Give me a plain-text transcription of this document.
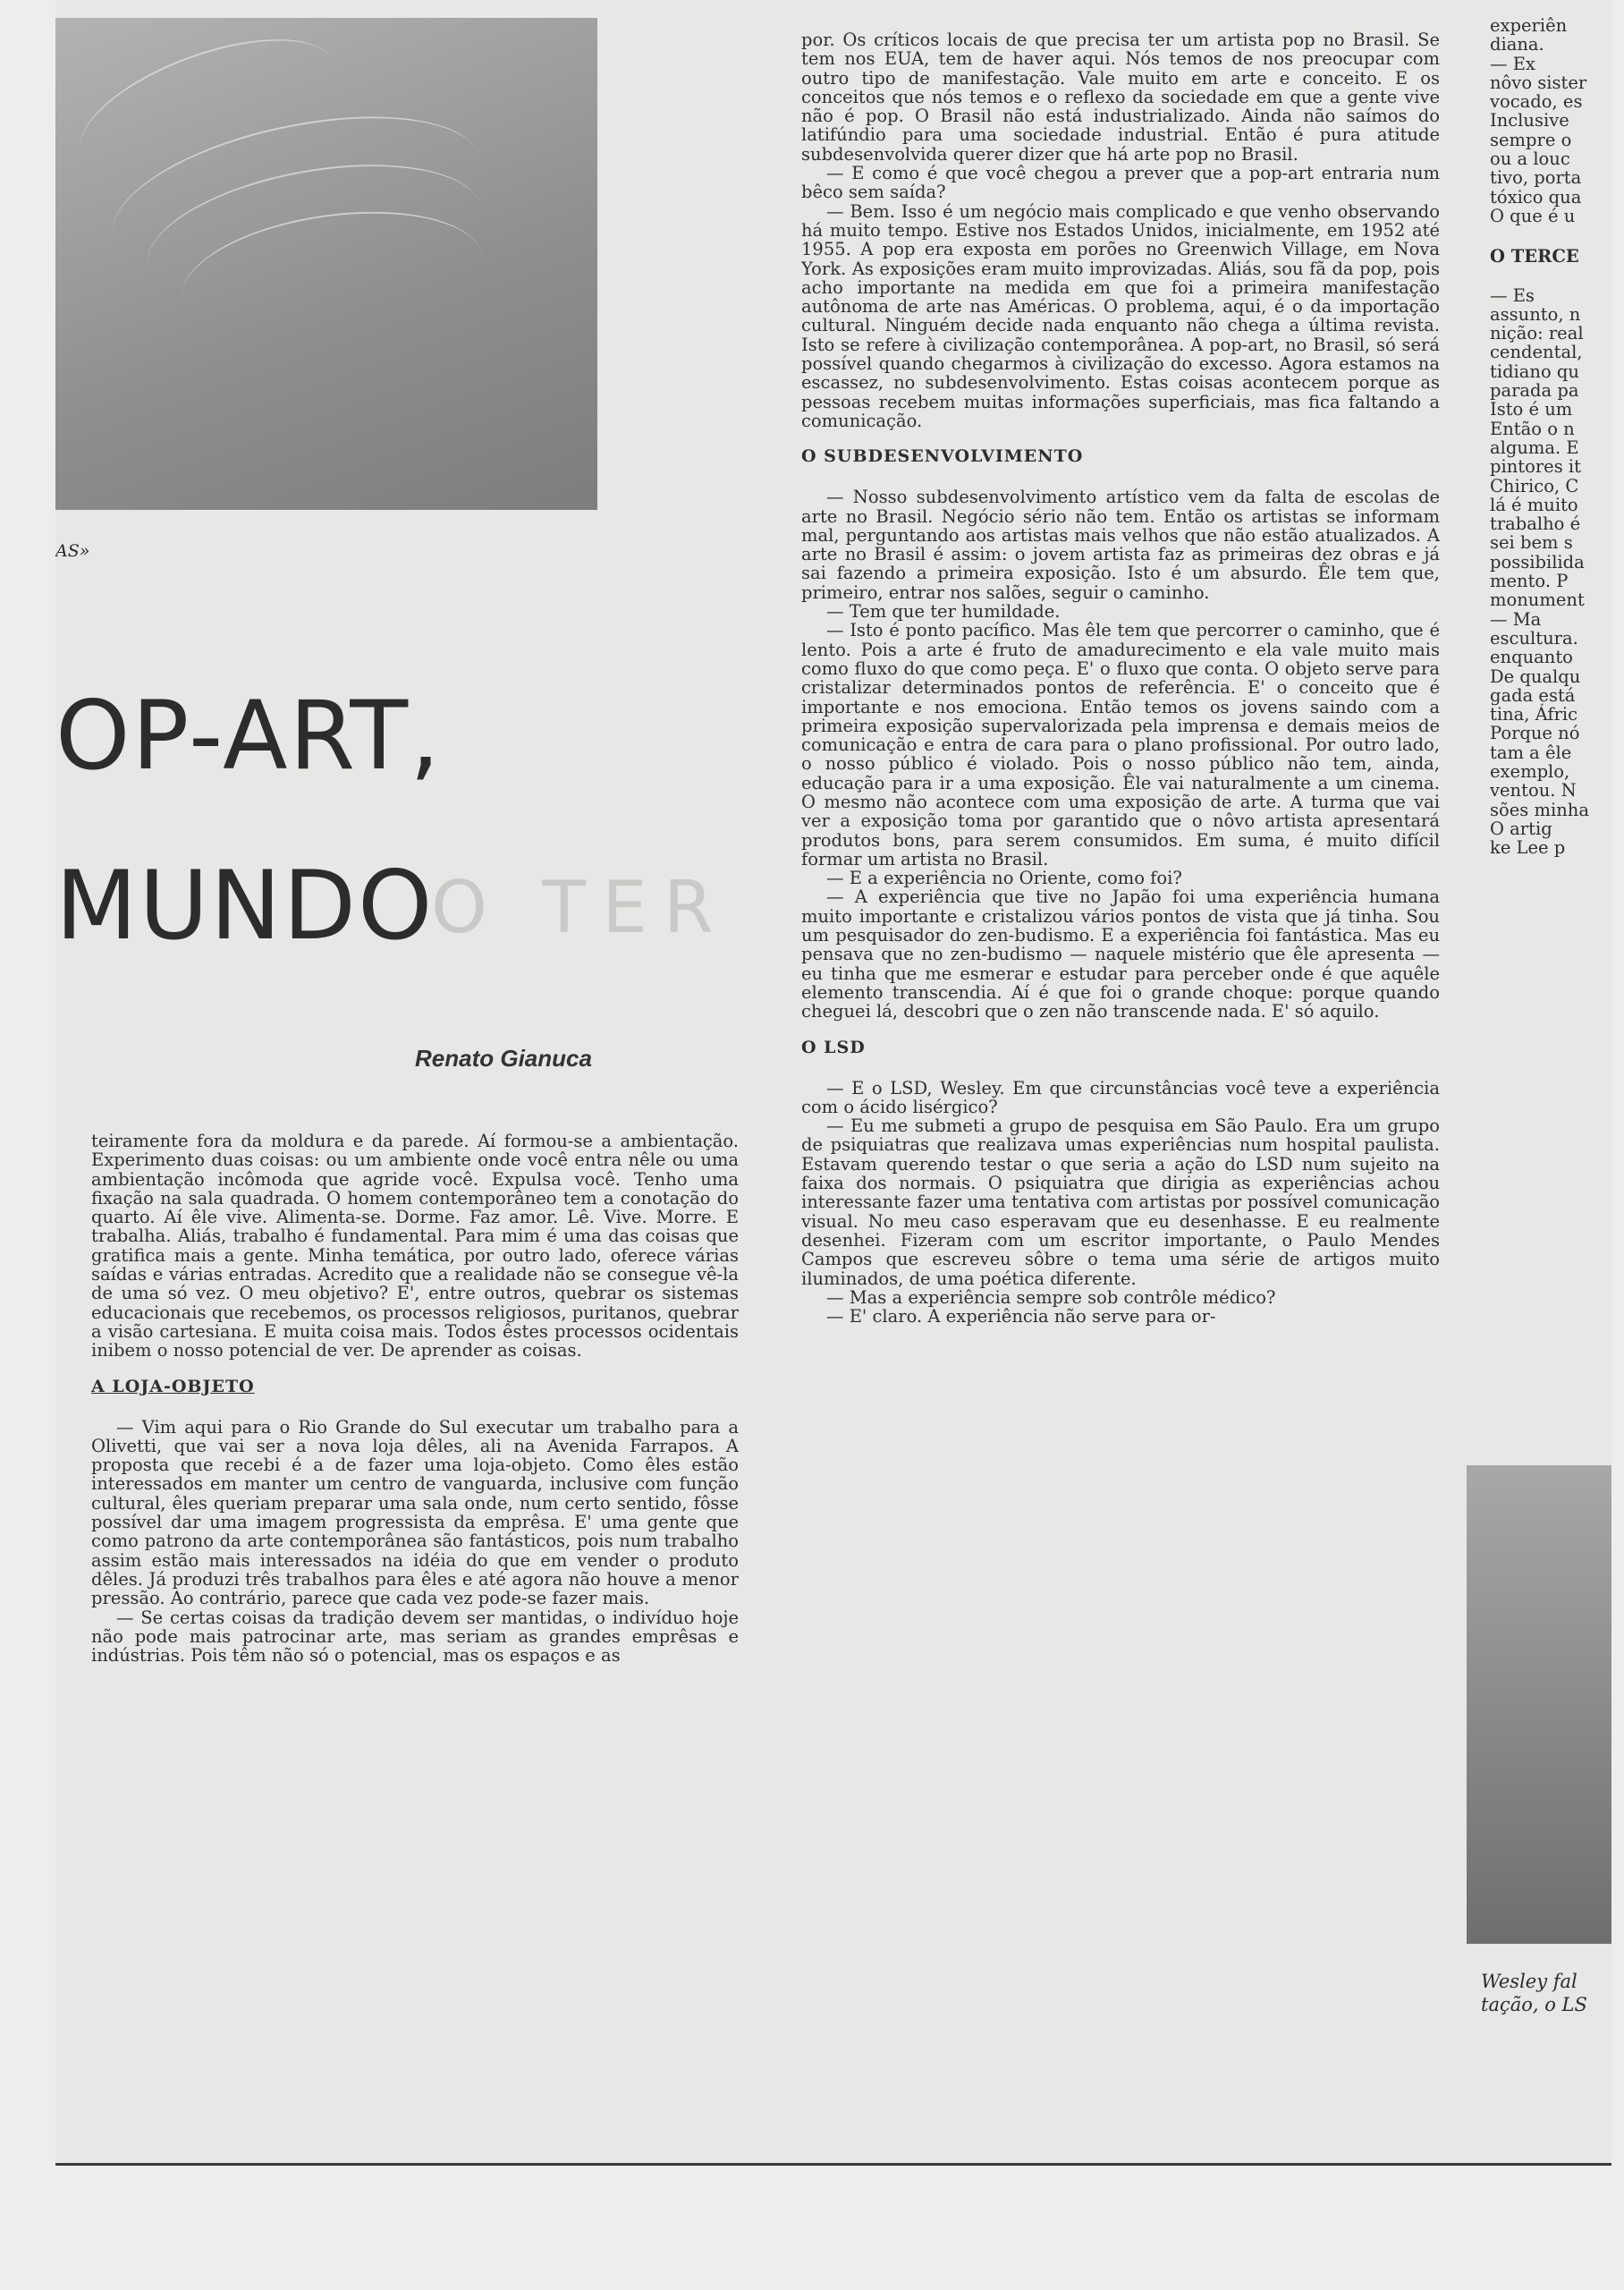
AS»
OP-ART,
MUNDO
O TER
Renato Gianuca

teiramente fora da moldura e da parede. Aí formou-se a ambientação. Experimento duas coisas: ou um ambiente onde você entra nêle ou uma ambientação incômoda que agride você. Expulsa você. Tenho uma fixação na sala quadrada. O homem contemporâneo tem a conotação do quarto. Aí êle vive. Alimenta-se. Dorme. Faz amor. Lê. Vive. Morre. E trabalha. Aliás, trabalho é fundamental. Para mim é uma das coisas que gratifica mais a gente. Minha temática, por outro lado, oferece várias saídas e várias entradas. Acredito que a realidade não se consegue vê-la de uma só vez. O meu objetivo? E', entre outros, quebrar os sistemas educacionais que recebemos, os processos religiosos, puritanos, quebrar a visão cartesiana. E muita coisa mais. Todos êstes processos ocidentais inibem o nosso potencial de ver. De aprender as coisas.

A LOJA-OBJETO

— Vim aqui para o Rio Grande do Sul executar um trabalho para a Olivetti, que vai ser a nova loja dêles, ali na Avenida Farrapos. A proposta que recebi é a de fazer uma loja-objeto. Como êles estão interessados em manter um centro de vanguarda, inclusive com função cultural, êles queriam preparar uma sala onde, num certo sentido, fôsse possível dar uma imagem progressista da emprêsa. E' uma gente que como patrono da arte contemporânea são fantásticos, pois num trabalho assim estão mais interessados na idéia do que em vender o produto dêles. Já produzi três trabalhos para êles e até agora não houve a menor pressão. Ao contrário, parece que cada vez pode-se fazer mais.

— Se certas coisas da tradição devem ser mantidas, o indivíduo hoje não pode mais patrocinar arte, mas seriam as grandes emprêsas e indústrias. Pois têm não só o potencial, mas os espaços e as

por. Os críticos locais de que precisa ter um artista pop no Brasil. Se tem nos EUA, tem de haver aqui. Nós temos de nos preocupar com outro tipo de manifestação. Vale muito em arte e conceito. E os conceitos que nós temos e o reflexo da sociedade em que a gente vive não é pop. O Brasil não está industrializado. Ainda não saímos do latifúndio para uma sociedade industrial. Então é pura atitude subdesenvolvida querer dizer que há arte pop no Brasil.

— E como é que você chegou a prever que a pop-art entraria num bêco sem saída?

— Bem. Isso é um negócio mais complicado e que venho observando há muito tempo. Estive nos Estados Unidos, inicialmente, em 1952 até 1955. A pop era exposta em porões no Greenwich Village, em Nova York. As exposições eram muito improvizadas. Aliás, sou fã da pop, pois acho importante na medida em que foi a primeira manifestação autônoma de arte nas Américas. O problema, aqui, é o da importação cultural. Ninguém decide nada enquanto não chega a última revista. Isto se refere à civilização contemporânea. A pop-art, no Brasil, só será possível quando chegarmos à civilização do excesso. Agora estamos na escassez, no subdesenvolvimento. Estas coisas acontecem porque as pessoas recebem muitas informações superficiais, mas fica faltando a comunicação.

O SUBDESENVOLVIMENTO

— Nosso subdesenvolvimento artístico vem da falta de escolas de arte no Brasil. Negócio sério não tem. Então os artistas se informam mal, perguntando aos artistas mais velhos que não estão atualizados. A arte no Brasil é assim: o jovem artista faz as primeiras dez obras e já sai fazendo a primeira exposição. Isto é um absurdo. Êle tem que, primeiro, entrar nos salões, seguir o caminho.

— Tem que ter humildade.

— Isto é ponto pacífico. Mas êle tem que percorrer o caminho, que é lento. Pois a arte é fruto de amadurecimento e ela vale muito mais como fluxo do que como peça. E' o fluxo que conta. O objeto serve para cristalizar determinados pontos de referência. E' o conceito que é importante e nos emociona. Então temos os jovens saindo com a primeira exposição supervalorizada pela imprensa e demais meios de comunicação e entra de cara para o plano profissional. Por outro lado, o nosso público é violado. Pois o nosso público não tem, ainda, educação para ir a uma exposição. Êle vai naturalmente a um cinema. O mesmo não acontece com uma exposição de arte. A turma que vai ver a exposição toma por garantido que o nôvo artista apresentará produtos bons, para serem consumidos. Em suma, é muito difícil formar um artista no Brasil.

— E a experiência no Oriente, como foi?

— A experiência que tive no Japão foi uma experiência humana muito importante e cristalizou vários pontos de vista que já tinha. Sou um pesquisador do zen-budismo. E a experiência foi fantástica. Mas eu pensava que no zen-budismo — naquele mistério que êle apresenta — eu tinha que me esmerar e estudar para perceber onde é que aquêle elemento transcendia. Aí é que foi o grande choque: porque quando cheguei lá, descobri que o zen não transcende nada. E' só aquilo.

O LSD

— E o LSD, Wesley. Em que circunstâncias você teve a experiência com o ácido lisérgico?

— Eu me submeti a grupo de pesquisa em São Paulo. Era um grupo de psiquiatras que realizava umas experiências num hospital paulista. Estavam querendo testar o que seria a ação do LSD num sujeito na faixa dos normais. O psiquiatra que dirigia as experiências achou interessante fazer uma tentativa com artistas por possível comunicação visual. No meu caso esperavam que eu desenhasse. E eu realmente desenhei. Fizeram com um escritor importante, o Paulo Mendes Campos que escreveu sôbre o tema uma série de artigos muito iluminados, de uma poética diferente.

— Mas a experiência sempre sob contrôle médico?

— E' claro. A experiência não serve para or-

experiên

diana.

— Ex

nôvo sister

vocado, es

Inclusive

sempre o

ou a louc

tivo, porta

tóxico qua

O que é u

O TERCE

— Es

assunto, n

nição: real

cendental,

tidiano qu

parada pa

Isto é um

Então o n

alguma. E

pintores it

Chirico, C

lá é muito

trabalho é

sei bem s

possibilida

mento. P

monument

— Ma

escultura.

enquanto

De qualqu

gada está

tina, Áfric

Porque nó

tam a êle

exemplo,

ventou. N

sões minha

O artig

ke Lee p

Wesley fal
tação, o LS
